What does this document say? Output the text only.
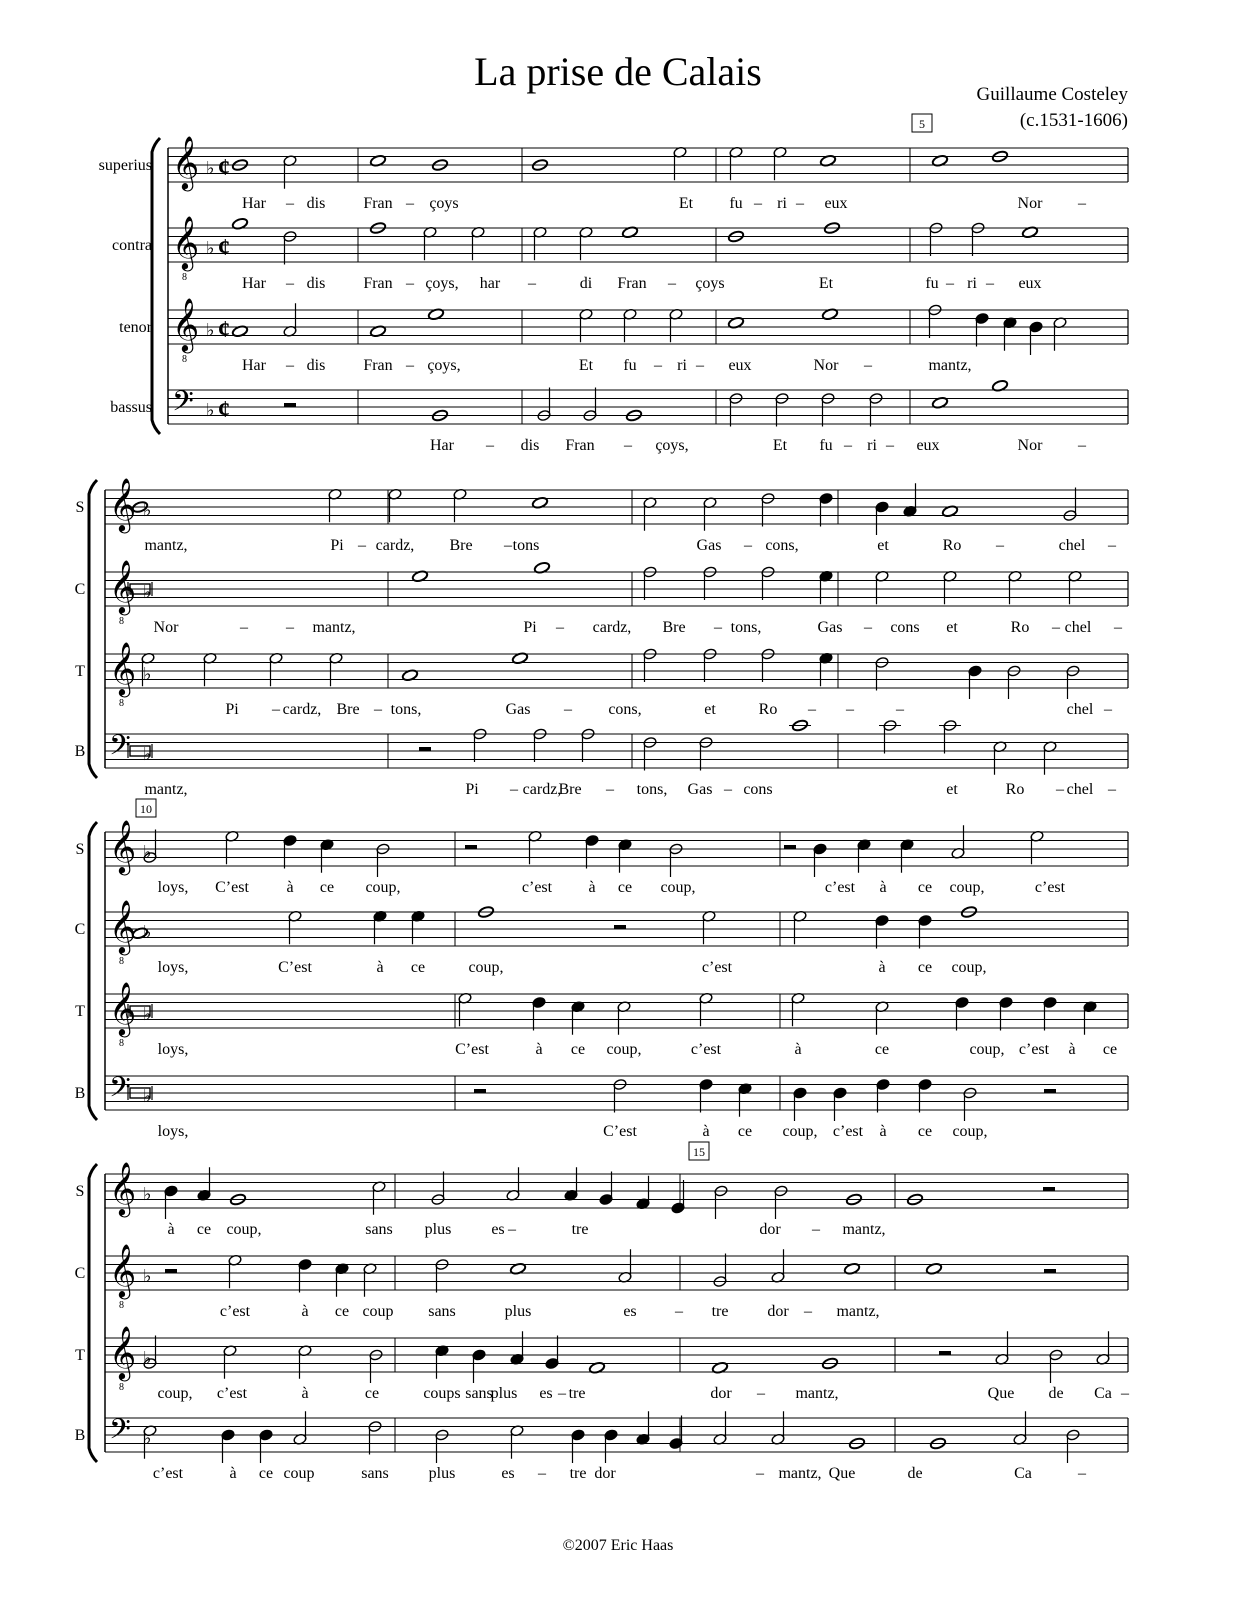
La prise de Calais
Guillaume Costeley
(c.1531-1606)
5
superius 𝄞 ♭ ¢
Har – dis Fran – çoys	Et fu – ri – eux	Nor –
contra 𝄞
8
♭ ¢
Har – dis Fran – çoys, har –	di Fran – çoys	Et	fu – ri – eux
tenor 𝄞
8
♭ ¢
Har – dis Fran – çoys,	Et fu – ri – eux	Nor –	mantz,
bassus 𝄢 ♭ ¢
Har – dis Fran – çoys,	Et fu – ri – eux	Nor –
S 𝄞 ♭
mantz,	Pi – cardz, Bre – tons	Gas – cons,	et	Ro –	chel –
C 𝄞
8
♭
Nor	– – mantz,	Pi – cardz, Bre – tons,	Gas – cons et	Ro – chel –
T 𝄞
8
♭
Pi – cardz, Bre – tons,	Gas – cons,	et	Ro – –	–	chel –
B 𝄢 ♭
mantz,	Pi – cardz,
Bre – tons, Gas – cons	et	Ro – chel –
10
S 𝄞 ♭
loys, C’est à ce coup,	c’est à ce coup,	c’est à ce coup,	c’est
C 𝄞
8
♭
loys,	C’est	à ce	coup,	c’est	à ce coup,
T 𝄞
8
♭
loys,	C’est	à ce coup,	c’est	à	ce	coup, c’est à ce
B 𝄢 ♭
loys,	C’est	à ce coup, c’est à ce coup,
15
S 𝄞 ♭
à ce coup,	sans plus	es –	tre	dor – mantz,
C 𝄞
8
♭
c’est	à ce coup sans	plus	es – tre dor – mantz,
T 𝄞
8
♭
coup, c’est	à	ce	coups sans
plus es – tre	dor – mantz,	Que de Ca –
B 𝄢 ♭
c’est	à ce coup	sans plus	es – tre dor	– mantz, Que	de	Ca	–
©2007 Eric Haas
